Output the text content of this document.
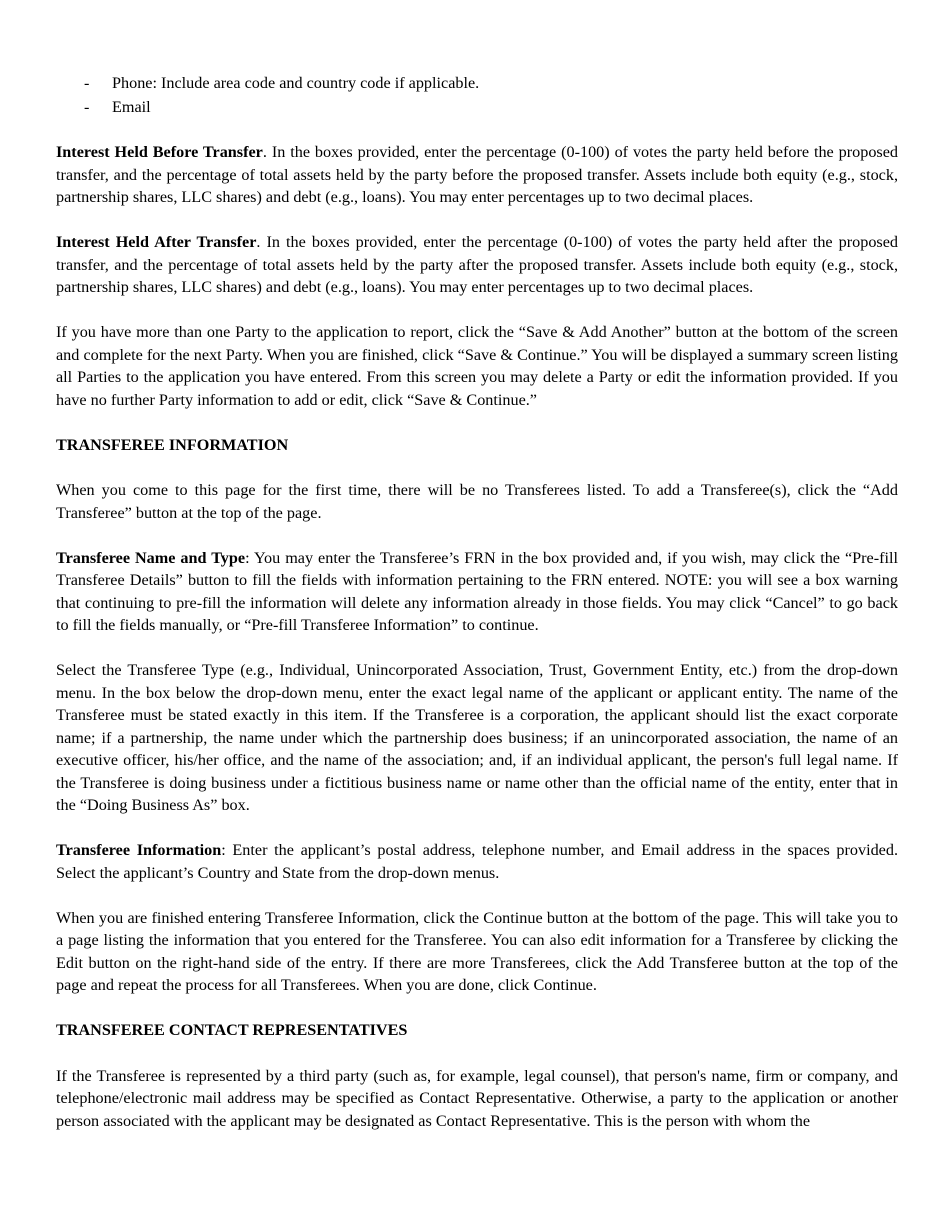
- Phone: Include area code and country code if applicable.
- Email

Interest Held Before Transfer. In the boxes provided, enter the percentage (0-100) of votes the party held before the proposed transfer, and the percentage of total assets held by the party before the proposed transfer. Assets include both equity (e.g., stock, partnership shares, LLC shares) and debt (e.g., loans). You may enter percentages up to two decimal places.

Interest Held After Transfer. In the boxes provided, enter the percentage (0-100) of votes the party held after the proposed transfer, and the percentage of total assets held by the party after the proposed transfer. Assets include both equity (e.g., stock, partnership shares, LLC shares) and debt (e.g., loans). You may enter percentages up to two decimal places.

If you have more than one Party to the application to report, click the “Save & Add Another” button at the bottom of the screen and complete for the next Party. When you are finished, click “Save & Continue.” You will be displayed a summary screen listing all Parties to the application you have entered. From this screen you may delete a Party or edit the information provided. If you have no further Party information to add or edit, click “Save & Continue.”

TRANSFEREE INFORMATION

When you come to this page for the first time, there will be no Transferees listed. To add a Transferee(s), click the “Add Transferee” button at the top of the page.

Transferee Name and Type: You may enter the Transferee’s FRN in the box provided and, if you wish, may click the “Pre-fill Transferee Details” button to fill the fields with information pertaining to the FRN entered. NOTE: you will see a box warning that continuing to pre-fill the information will delete any information already in those fields. You may click “Cancel” to go back to fill the fields manually, or “Pre-fill Transferee Information” to continue.

Select the Transferee Type (e.g., Individual, Unincorporated Association, Trust, Government Entity, etc.) from the drop-down menu. In the box below the drop-down menu, enter the exact legal name of the applicant or applicant entity. The name of the Transferee must be stated exactly in this item. If the Transferee is a corporation, the applicant should list the exact corporate name; if a partnership, the name under which the partnership does business; if an unincorporated association, the name of an executive officer, his/her office, and the name of the association; and, if an individual applicant, the person's full legal name. If the Transferee is doing business under a fictitious business name or name other than the official name of the entity, enter that in the “Doing Business As” box.

Transferee Information: Enter the applicant’s postal address, telephone number, and Email address in the spaces provided. Select the applicant’s Country and State from the drop-down menus.

When you are finished entering Transferee Information, click the Continue button at the bottom of the page. This will take you to a page listing the information that you entered for the Transferee. You can also edit information for a Transferee by clicking the Edit button on the right-hand side of the entry. If there are more Transferees, click the Add Transferee button at the top of the page and repeat the process for all Transferees. When you are done, click Continue.

TRANSFEREE CONTACT REPRESENTATIVES

If the Transferee is represented by a third party (such as, for example, legal counsel), that person's name, firm or company, and telephone/electronic mail address may be specified as Contact Representative. Otherwise, a party to the application or another person associated with the applicant may be designated as Contact Representative. This is the person with whom the
